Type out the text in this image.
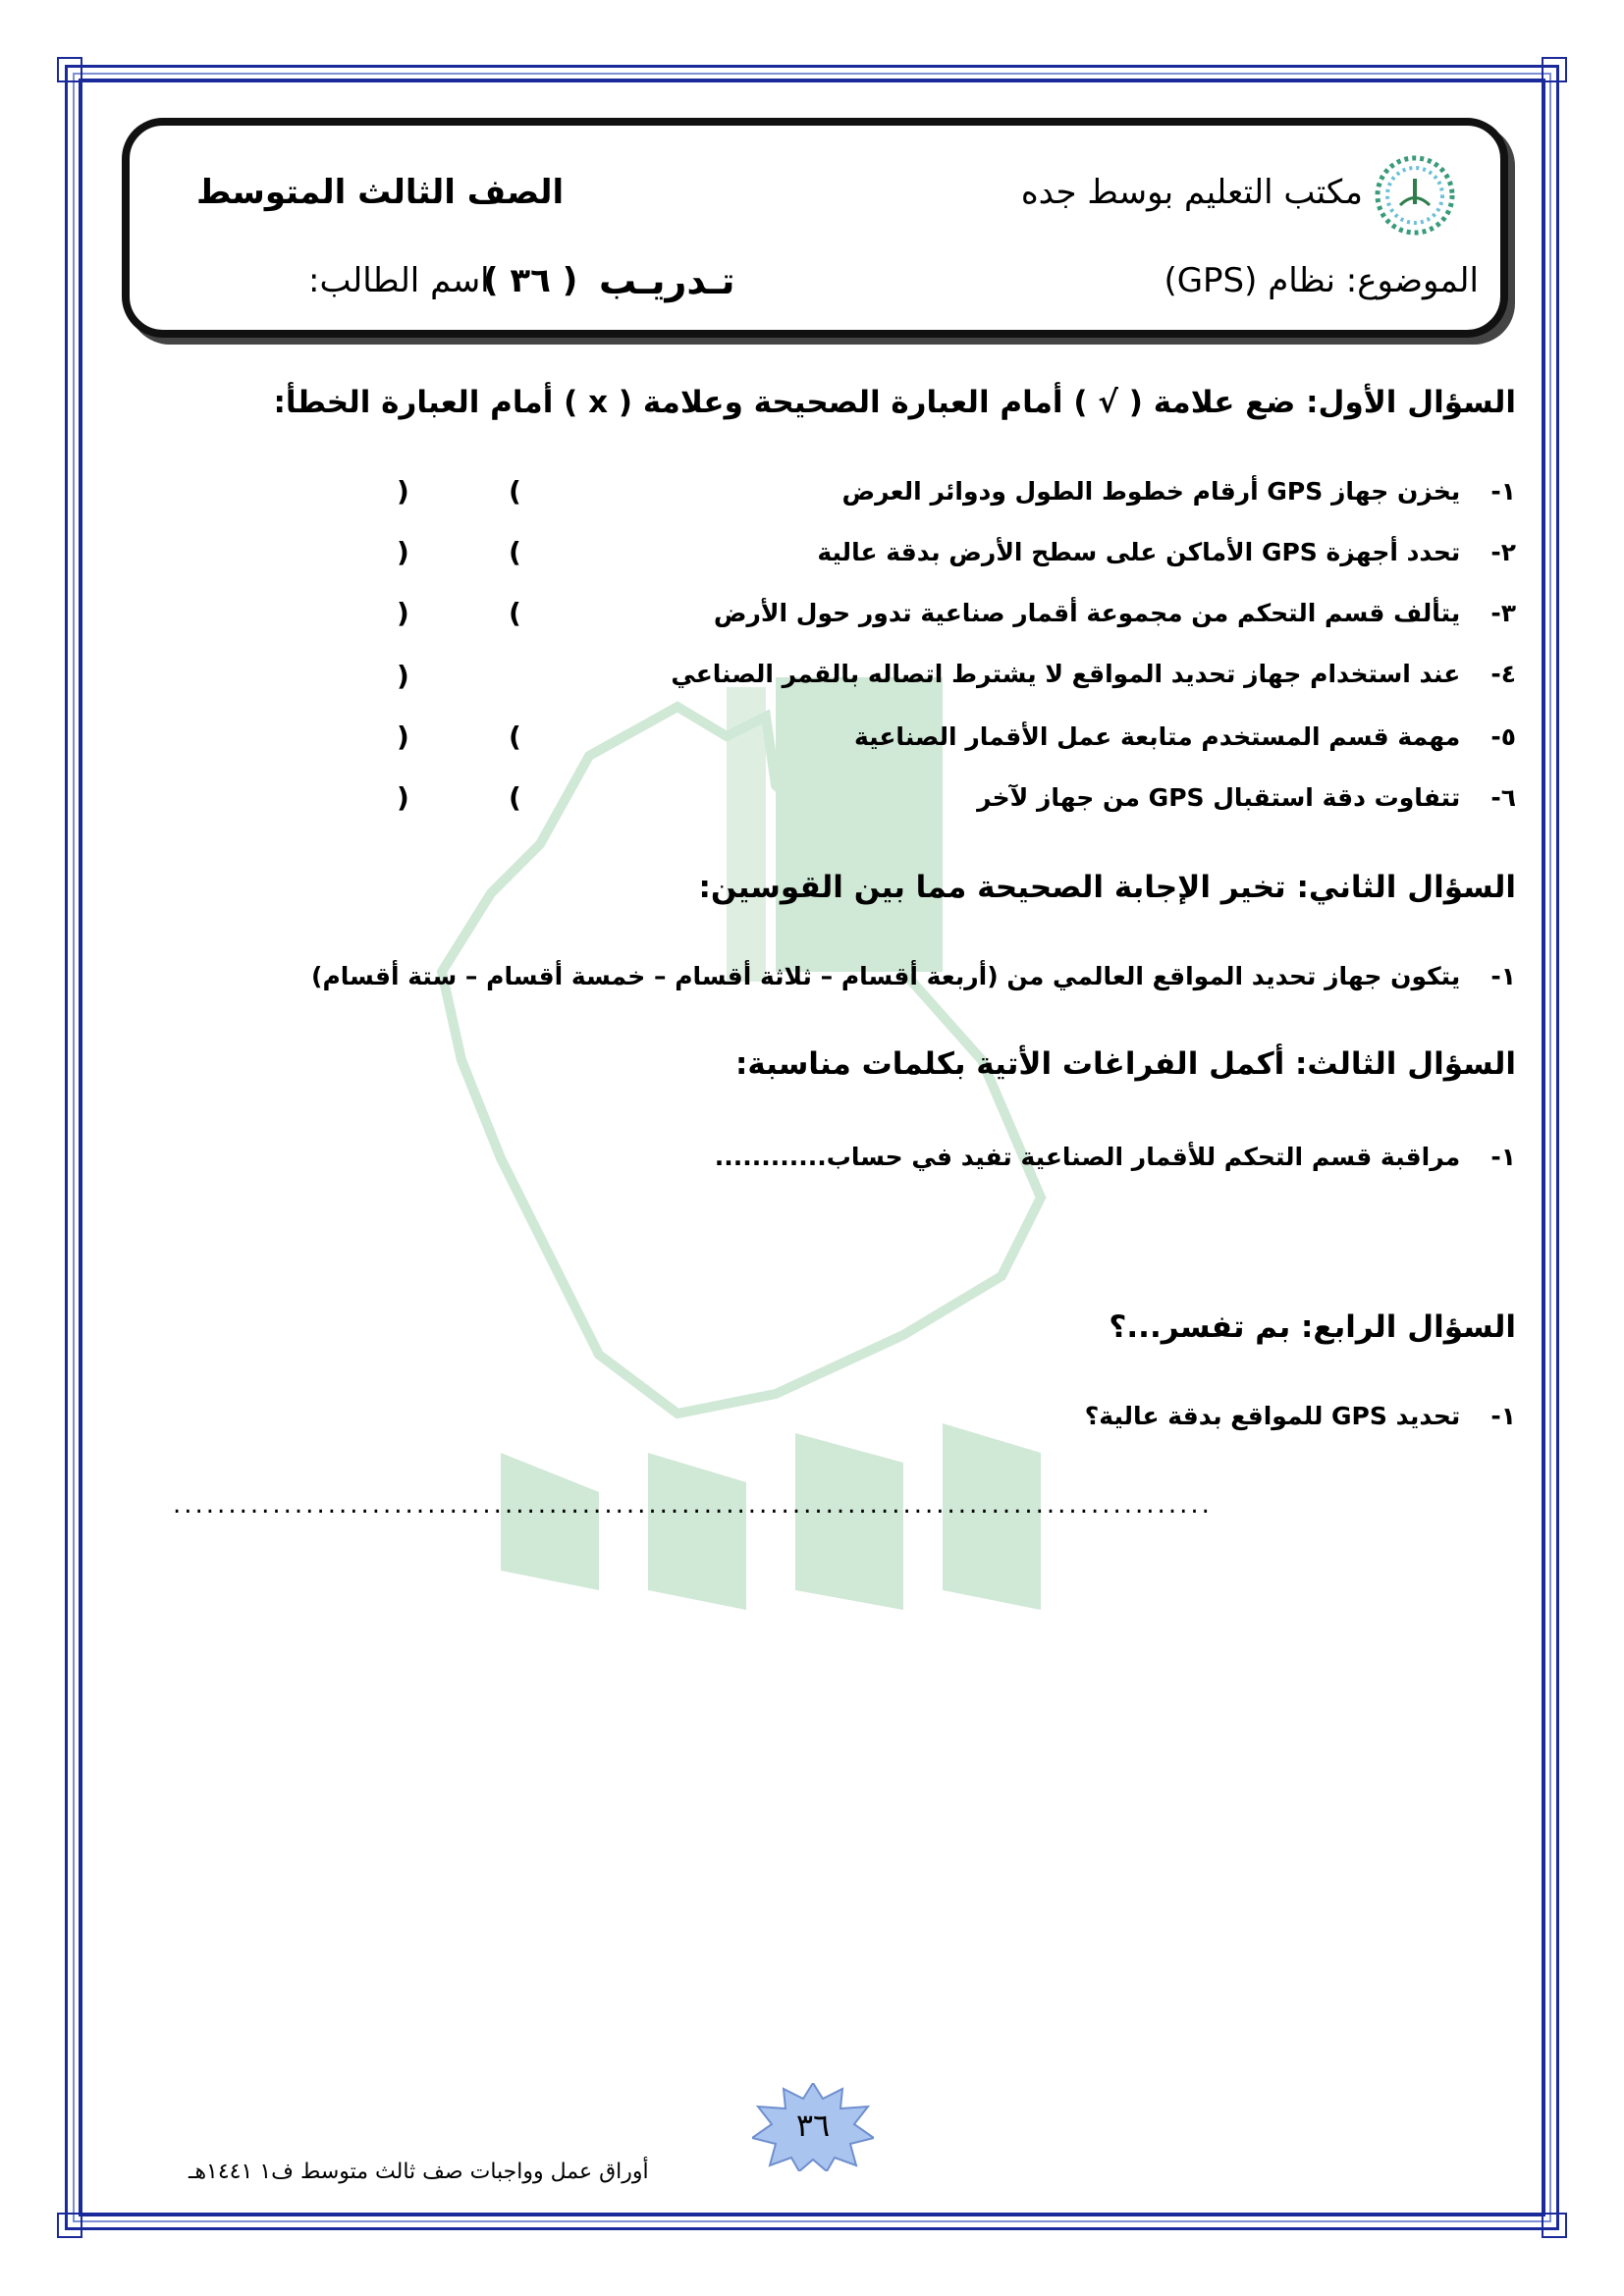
مكتب التعليم بوسط جده
الصف الثالث المتوسط
الموضوع: نظام (GPS)
تـدريـب
( ٣٦ )
اسم الطالب:
السؤال الأول: ضع علامة ( √ ) أمام العبارة الصحيحة وعلامة ( x ) أمام العبارة الخطأ:
١- يخزن جهاز GPS أرقام خطوط الطول ودوائر العرض
٢- تحدد أجهزة GPS الأماكن على سطح الأرض بدقة عالية
٣- يتألف قسم التحكم من مجموعة أقمار صناعية تدور حول الأرض
٤- عند استخدام جهاز تحديد المواقع لا يشترط اتصاله بالقمر الصناعي
٥- مهمة قسم المستخدم متابعة عمل الأقمار الصناعية
٦- تتفاوت دقة استقبال GPS من جهاز لآخر
(
)
(
)
(
)
)
(
)
(
)
السؤال الثاني: تخير الإجابة الصحيحة مما بين القوسين:
١- يتكون جهاز تحديد المواقع العالمي من (أربعة أقسام – ثلاثة أقسام – خمسة أقسام – ستة أقسام)
السؤال الثالث: أكمل الفراغات الأتية بكلمات مناسبة:
١- مراقبة قسم التحكم للأقمار الصناعية تفيد في حساب............
السؤال الرابع: بم تفسر...؟
١- تحديد GPS للمواقع بدقة عالية؟
..............................................................................................
٣٦
أوراق عمل وواجبات صف ثالث متوسط ف١ ١٤٤١هـ
